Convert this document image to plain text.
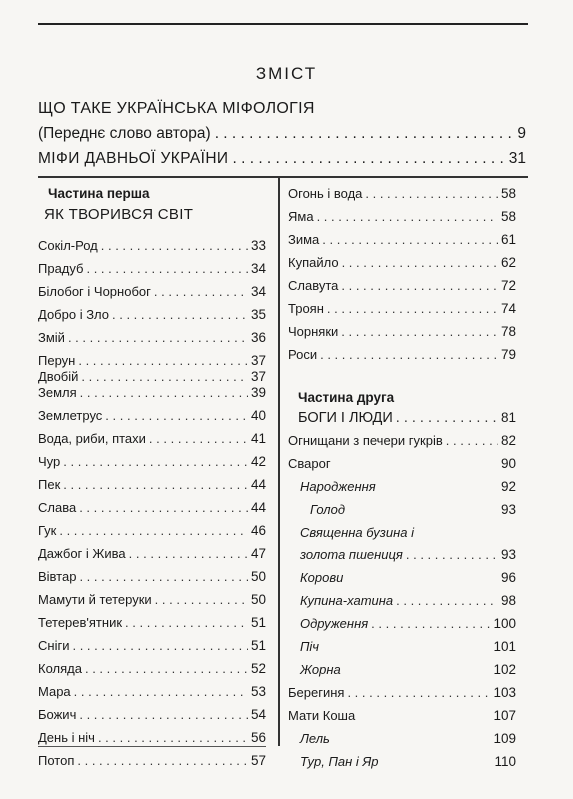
ЗМІСТ
ЩО ТАКЕ УКРАЇНСЬКА МІФОЛОГІЯ
(Переднє слово автора) . . .	9
МІФИ ДАВНЬОЇ УКРАЇНИ . . .	31
Частина перша
ЯК ТВОРИВСЯ СВІТ
Сокіл-Род . . .	33
Прадуб . . .	34
Білобог і Чорнобог . . .	34
Добро і Зло . . .	35
Змій . . .	36
Перун . . .	37
Двобій . . .	37
Земля . . .	39
Землетрус . . .	40
Вода, риби, птахи . . .	41
Чур . . .	42
Пек . . .	44
Слава . . .	44
Гук . . .	46
Дажбог і Жива . . .	47
Вівтар . . .	50
Мамути й тетеруки . . .	50
Тетерев'ятник . . .	51
Сніги . . .	51
Коляда . . .	52
Мара . . .	53
Божич . . .	54
День і ніч . . .	56
Потоп . . .	57
Огонь і вода . . .	58
Яма . . .	58
Зима . . .	61
Купайло . . .	62
Славута . . .	72
Троян . . .	74
Чорняки . . .	78
Роси . . .	79
Частина друга
БОГИ І ЛЮДИ . . .	81
Огнищани з печери гукрів . . .	82
Сварог	90
Народження	92
Голод	93
Священна бузина і
золота пшениця . . .	93
Корови	96
Купина-хатина . . .	98
Одруження . . .	100
Піч	101
Жорна	102
Берегиня . . .	103
Мати Коша	107
Лель	109
Тур, Пан і Яр	110
